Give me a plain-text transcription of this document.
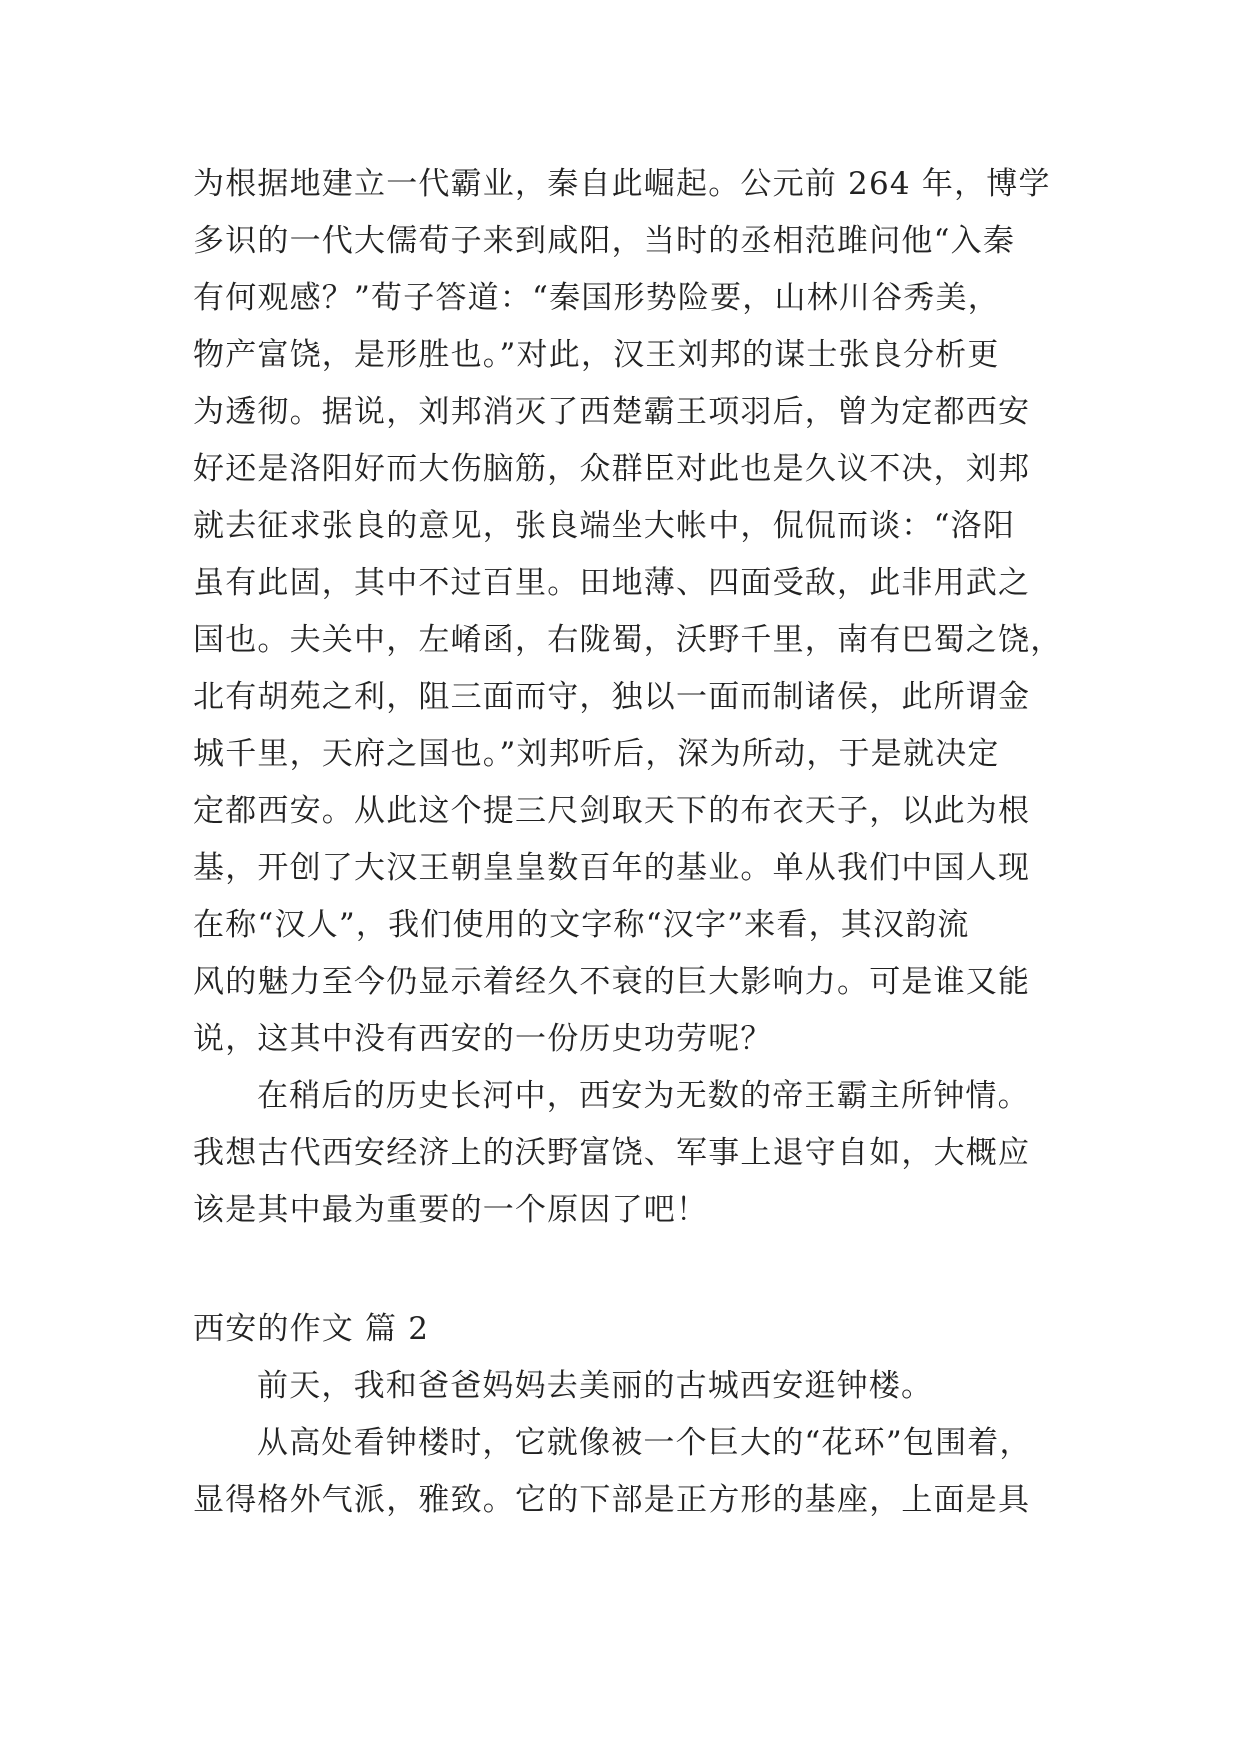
为根据地建立一代霸业，秦自此崛起。公元前 264 年，博学
多识的一代大儒荀子来到咸阳，当时的丞相范雎问他“入秦
有何观感？”荀子答道：“秦国形势险要，山林川谷秀美，
物产富饶，是形胜也。”对此，汉王刘邦的谋士张良分析更
为透彻。据说，刘邦消灭了西楚霸王项羽后，曾为定都西安
好还是洛阳好而大伤脑筋，众群臣对此也是久议不决，刘邦
就去征求张良的意见，张良端坐大帐中，侃侃而谈：“洛阳
虽有此固，其中不过百里。田地薄、四面受敌，此非用武之
国也。夫关中，左崤函，右陇蜀，沃野千里，南有巴蜀之饶，
北有胡苑之利，阻三面而守，独以一面而制诸侯，此所谓金
城千里，天府之国也。”刘邦听后，深为所动，于是就决定
定都西安。从此这个提三尺剑取天下的布衣天子，以此为根
基，开创了大汉王朝皇皇数百年的基业。单从我们中国人现
在称“汉人”，我们使用的文字称“汉字”来看，其汉韵流
风的魅力至今仍显示着经久不衰的巨大影响力。可是谁又能
说，这其中没有西安的一份历史功劳呢？
在稍后的历史长河中，西安为无数的帝王霸主所钟情。
我想古代西安经济上的沃野富饶、军事上退守自如，大概应
该是其中最为重要的一个原因了吧！
西安的作文 篇 2
前天，我和爸爸妈妈去美丽的古城西安逛钟楼。
从高处看钟楼时，它就像被一个巨大的“花环”包围着，
显得格外气派，雅致。它的下部是正方形的基座，上面是具
